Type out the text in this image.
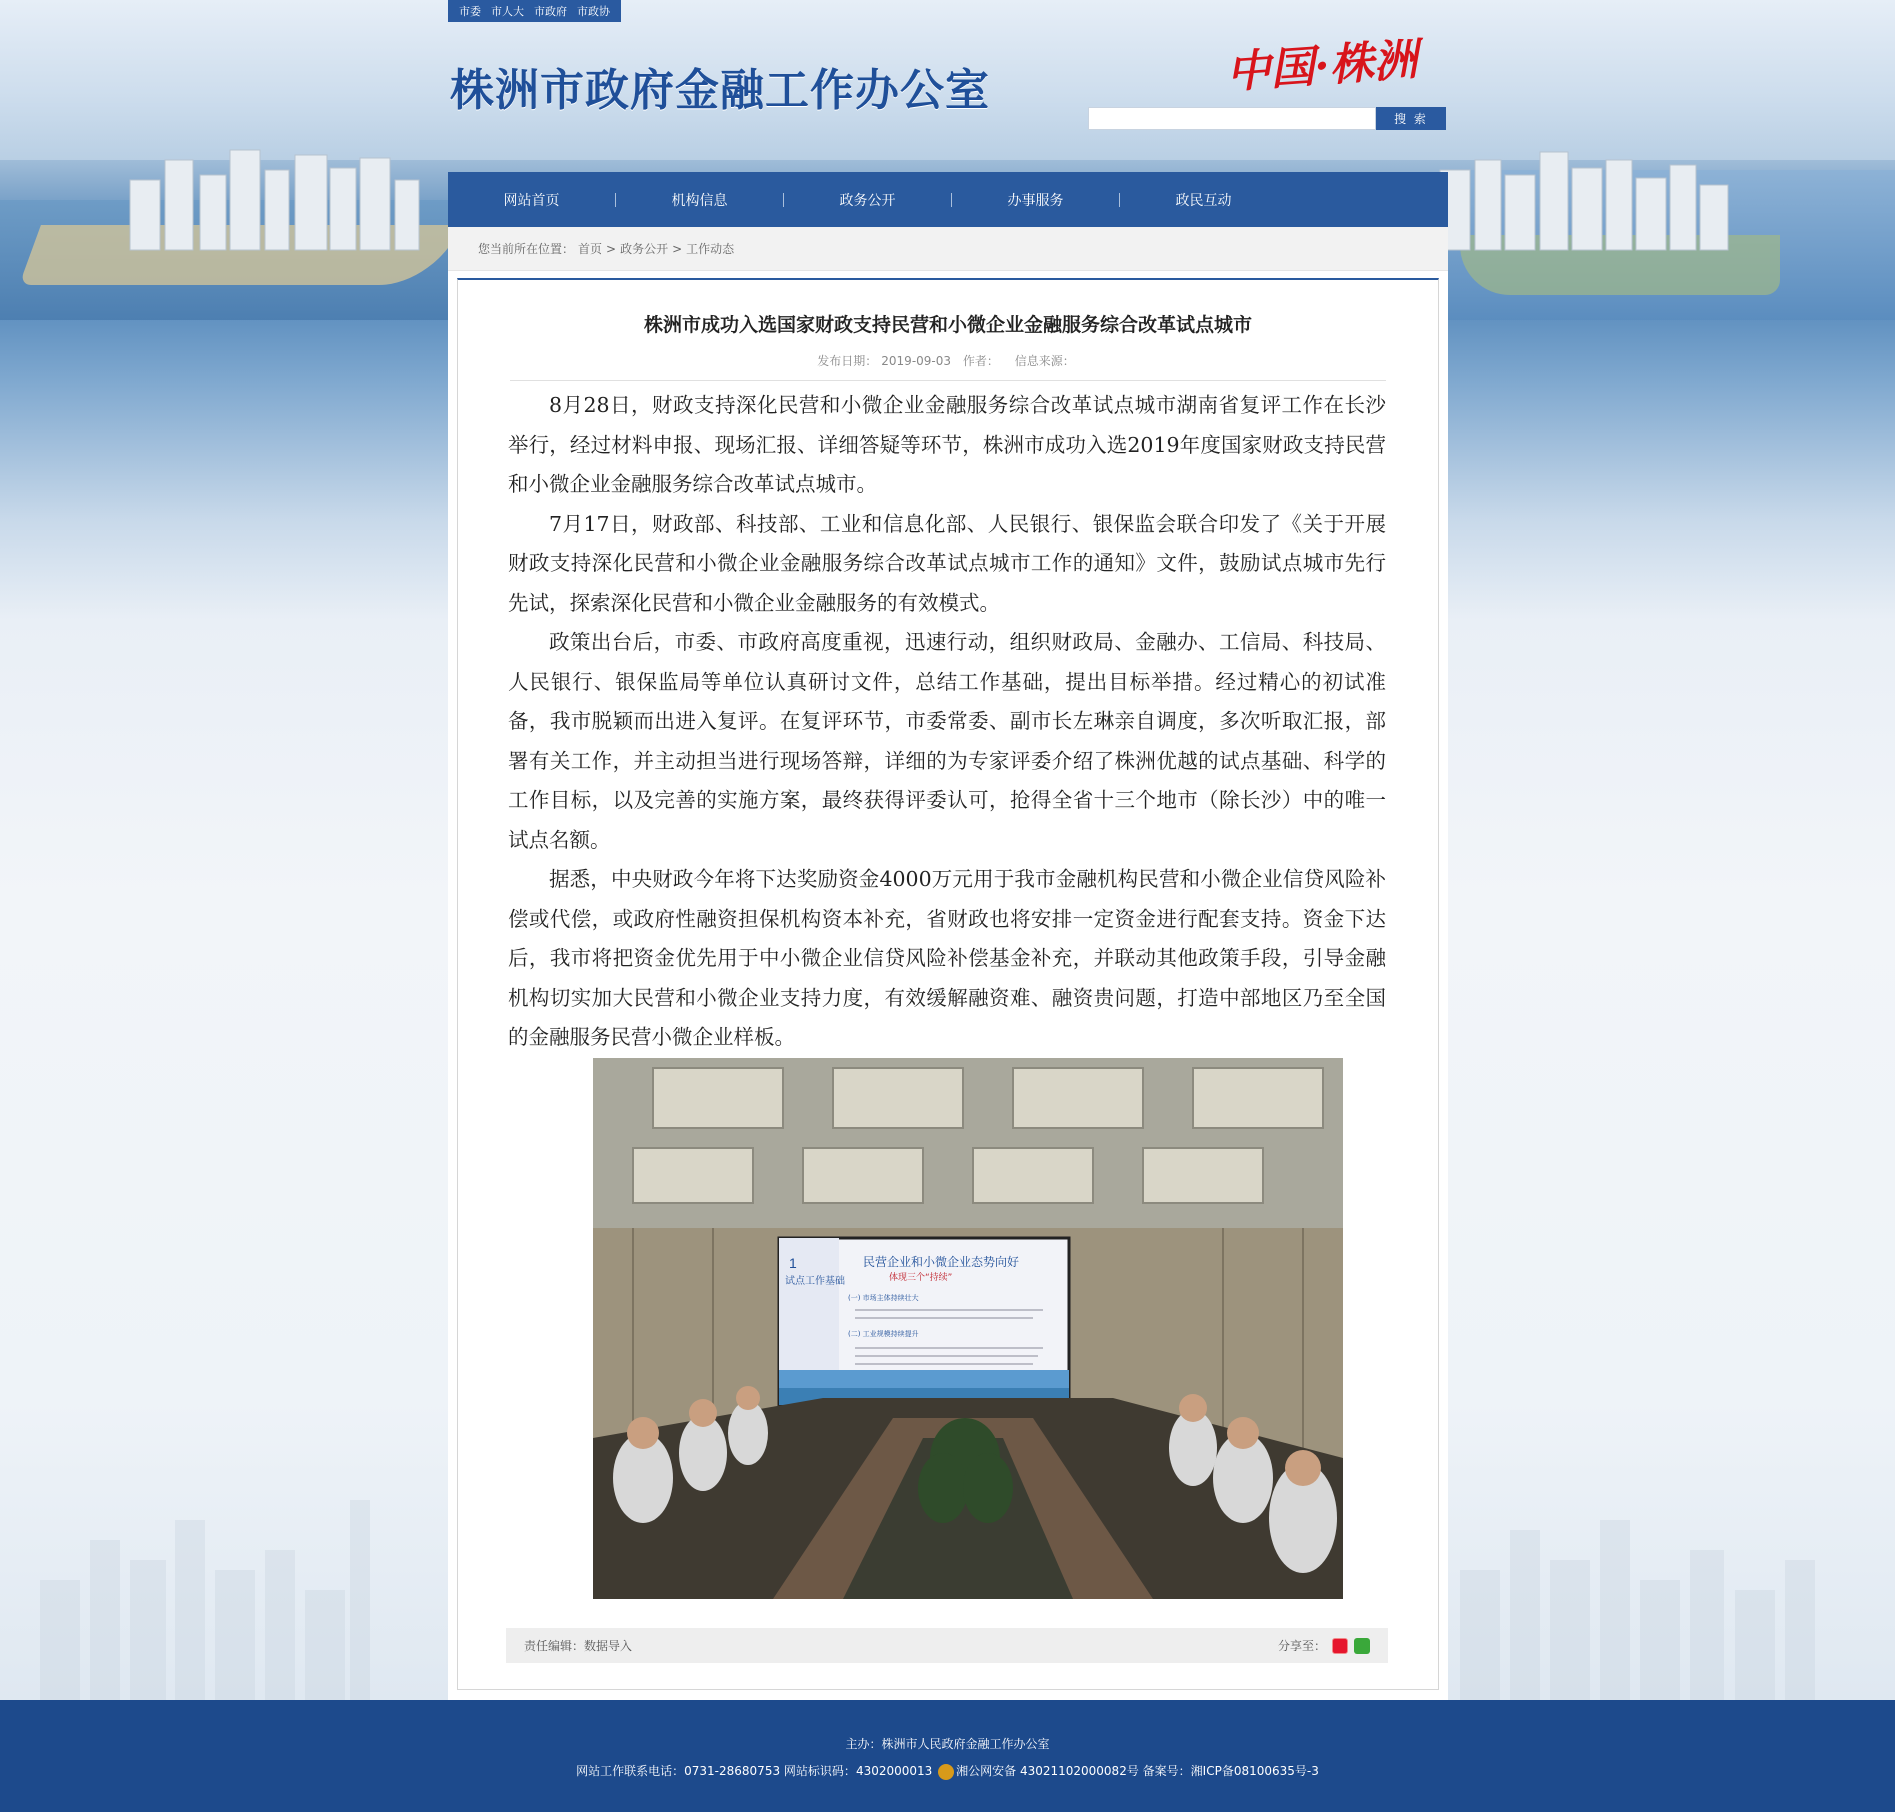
市委 市人大 市政府 市政协
株洲市政府金融工作办公室	中国·株洲
搜 索
网站首页	机构信息	政务公开	办事服务	政民互动
您当前所在位置： 首页 > 政务公开 > 工作动态
株洲市成功入选国家财政支持民营和小微企业金融服务综合改革试点城市
发布日期： 2019-09-03 作者： 信息来源：

8月28日，财政支持深化民营和小微企业金融服务综合改革试点城市湖南省复评工作在长沙举行，经过材料申报、现场汇报、详细答疑等环节，株洲市成功入选2019年度国家财政支持民营和小微企业金融服务综合改革试点城市。

7月17日，财政部、科技部、工业和信息化部、人民银行、银保监会联合印发了《关于开展财政支持深化民营和小微企业金融服务综合改革试点城市工作的通知》文件，鼓励试点城市先行先试，探索深化民营和小微企业金融服务的有效模式。

政策出台后，市委、市政府高度重视，迅速行动，组织财政局、金融办、工信局、科技局、人民银行、银保监局等单位认真研讨文件，总结工作基础，提出目标举措。经过精心的初试准备，我市脱颖而出进入复评。在复评环节，市委常委、副市长左琳亲自调度，多次听取汇报，部署有关工作，并主动担当进行现场答辩，详细的为专家评委介绍了株洲优越的试点基础、科学的工作目标，以及完善的实施方案，最终获得评委认可，抢得全省十三个地市（除长沙）中的唯一试点名额。

据悉，中央财政今年将下达奖励资金4000万元用于我市金融机构民营和小微企业信贷风险补偿或代偿，或政府性融资担保机构资本补充，省财政也将安排一定资金进行配套支持。资金下达后，我市将把资金优先用于中小微企业信贷风险补偿基金补充，并联动其他政策手段，引导金融机构切实加大民营和小微企业支持力度，有效缓解融资难、融资贵问题，打造中部地区乃至全国的金融服务民营小微企业样板。

1
试点工作基础
民营企业和小微企业态势向好
体现三个“持续”
(一) 市场主体持续壮大
(二) 工业规模持续提升
责任编辑：数据导入	分享至：
主办：株洲市人民政府金融工作办公室
网站工作联系电话：0731-28680753 网站标识码：4302000013 湘公网安备 43021102000082号 备案号：湘ICP备08100635号-3
